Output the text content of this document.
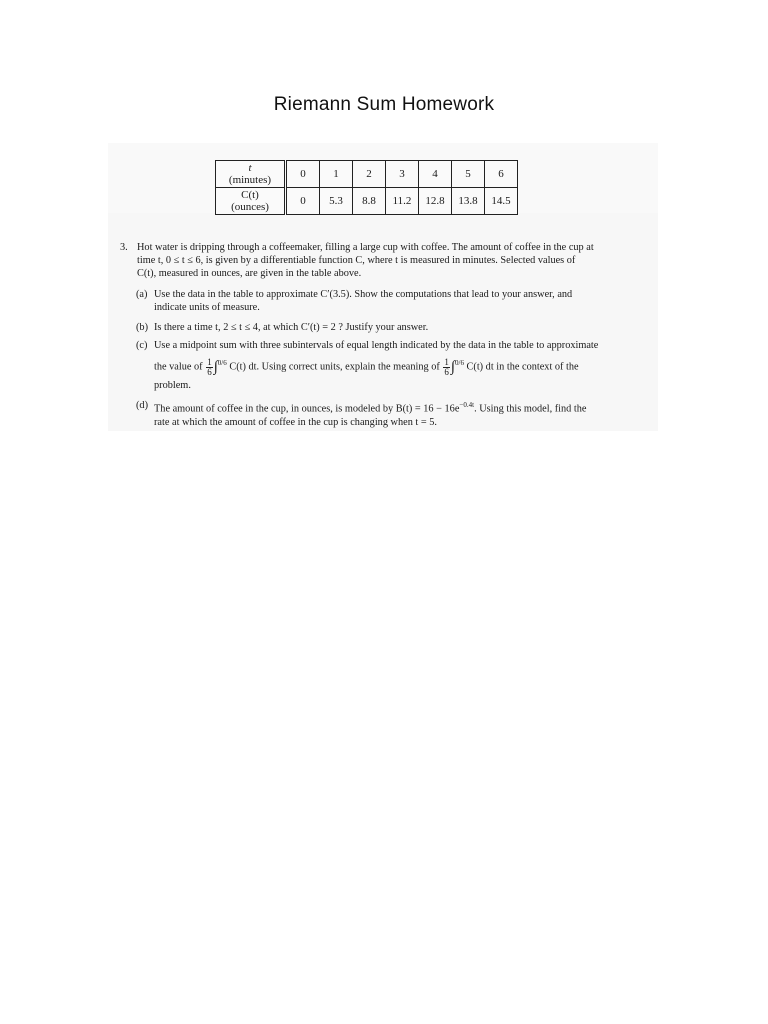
Riemann Sum Homework
t
(minutes)	0	1	2	3	4	5	6
C(t)
(ounces)	0	5.3	8.8	11.2	12.8	13.8	14.5
3. Hot water is dripping through a coffeemaker, filling a large cup with coffee. The amount of coffee in the cup at

time t, 0 ≤ t ≤ 6, is given by a differentiable function C, where t is measured in minutes. Selected values of

C(t), measured in ounces, are given in the table above.

(a) Use the data in the table to approximate C′(3.5). Show the computations that lead to your answer, and

indicate units of measure.

(b) Is there a time t, 2 ≤ t ≤ 4, at which C′(t) = 2 ? Justify your answer.

(c) Use a midpoint sum with three subintervals of equal length indicated by the data in the table to approximate

the value of $\frac{1}{6} \int^{0/6}$ C(t) dt. Using correct units, explain the meaning of $\frac{1}{6} \int^{0/6}$ C(t) dt in the context of the

problem.

(d) The amount of coffee in the cup, in ounces, is modeled by $B(t) = 16 - 16e^{-0.4t}$. Using this model, find the

rate at which the amount of coffee in the cup is changing when t = 5.
